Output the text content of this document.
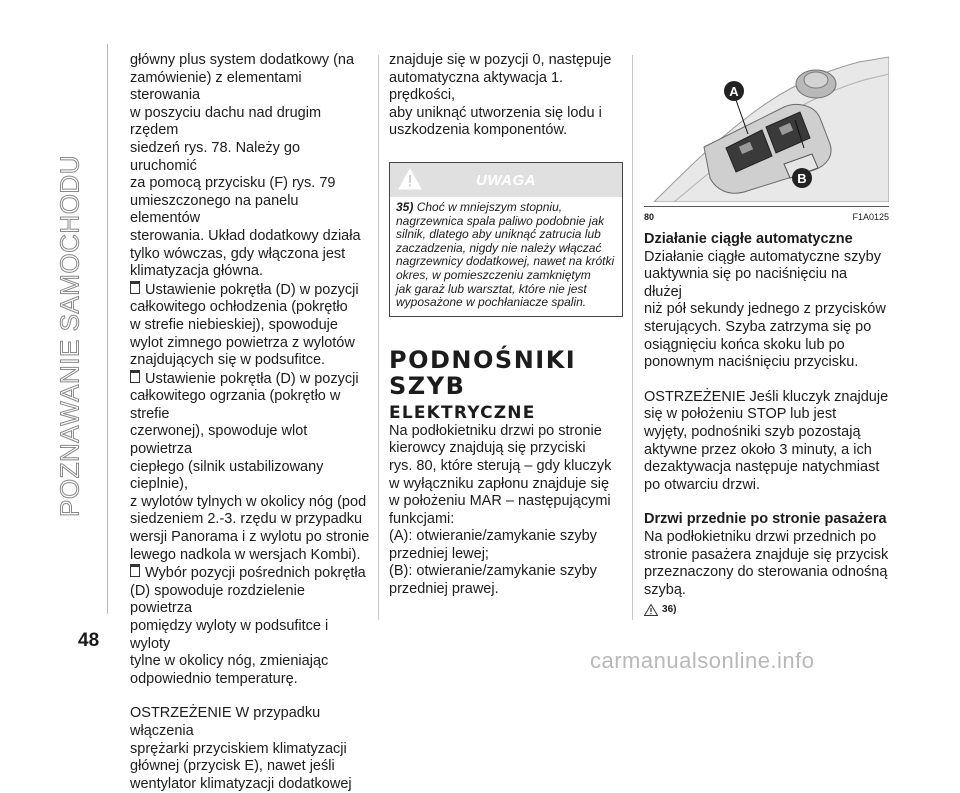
POZNAWANIE SAMOCHODU

główny plus system dodatkowy (na

zamówienie) z elementami sterowania

w poszyciu dachu nad drugim rzędem

siedzeń rys. 78. Należy go uruchomić

za pomocą przycisku (F) rys. 79

umieszczonego na panelu elementów

sterowania. Układ dodatkowy działa

tylko wówczas, gdy włączona jest

klimatyzacja główna.

Ustawienie pokrętła (D) w pozycji

całkowitego ochłodzenia (pokrętło

w strefie niebieskiej), spowoduje

wylot zimnego powietrza z wylotów

znajdujących się w podsufitce.

Ustawienie pokrętła (D) w pozycji

całkowitego ogrzania (pokrętło w strefie

czerwonej), spowoduje wlot powietrza

ciepłego (silnik ustabilizowany cieplnie),

z wylotów tylnych w okolicy nóg (pod

siedzeniem 2.-3. rzędu w przypadku

wersji Panorama i z wylotu po stronie

lewego nadkola w wersjach Kombi).

Wybór pozycji pośrednich pokrętła

(D) spowoduje rozdzielenie powietrza

pomiędzy wyloty w podsufitce i wyloty

tylne w okolicy nóg, zmieniając

odpowiednio temperaturę.

OSTRZEŻENIE W przypadku włączenia

sprężarki przyciskiem klimatyzacji

głównej (przycisk E), nawet jeśli

wentylator klimatyzacji dodatkowej

znajduje się w pozycji 0, następuje

automatyczna aktywacja 1. prędkości,

aby uniknąć utworzenia się lodu i

uszkodzenia komponentów.

UWAGA
35) Choć w mniejszym stopniu,
nagrzewnica spala paliwo podobnie jak
silnik, dlatego aby uniknąć zatrucia lub
zaczadzenia, nigdy nie należy włączać
nagrzewnicy dodatkowej, nawet na krótki
okres, w pomieszczeniu zamkniętym
jak garaż lub warsztat, które nie jest
wyposażone w pochłaniacze spalin.
PODNOŚNIKI SZYB
ELEKTRYCZNE

Na podłokietniku drzwi po stronie

kierowcy znajdują się przyciski

rys. 80, które sterują – gdy kluczyk

w wyłączniku zapłonu znajduje się

w położeniu MAR – następującymi

funkcjami:

(A): otwieranie/zamykanie szyby

przedniej lewej;

(B): otwieranie/zamykanie szyby

przedniej prawej.

A
B
80	F1A0125

Działanie ciągłe automatyczne

Działanie ciągłe automatyczne szyby

uaktywnia się po naciśnięciu na dłużej

niż pół sekundy jednego z przycisków

sterujących. Szyba zatrzyma się po

osiągnięciu końca skoku lub po

ponownym naciśnięciu przycisku.

OSTRZEŻENIE Jeśli kluczyk znajduje

się w położeniu STOP lub jest

wyjęty, podnośniki szyb pozostają

aktywne przez około 3 minuty, a ich

dezaktywacja następuje natychmiast

po otwarciu drzwi.

Drzwi przednie po stronie pasażera

Na podłokietniku drzwi przednich po

stronie pasażera znajduje się przycisk

przeznaczony do sterowania odnośną

szybą.

36)
48
carmanualsonline.info
